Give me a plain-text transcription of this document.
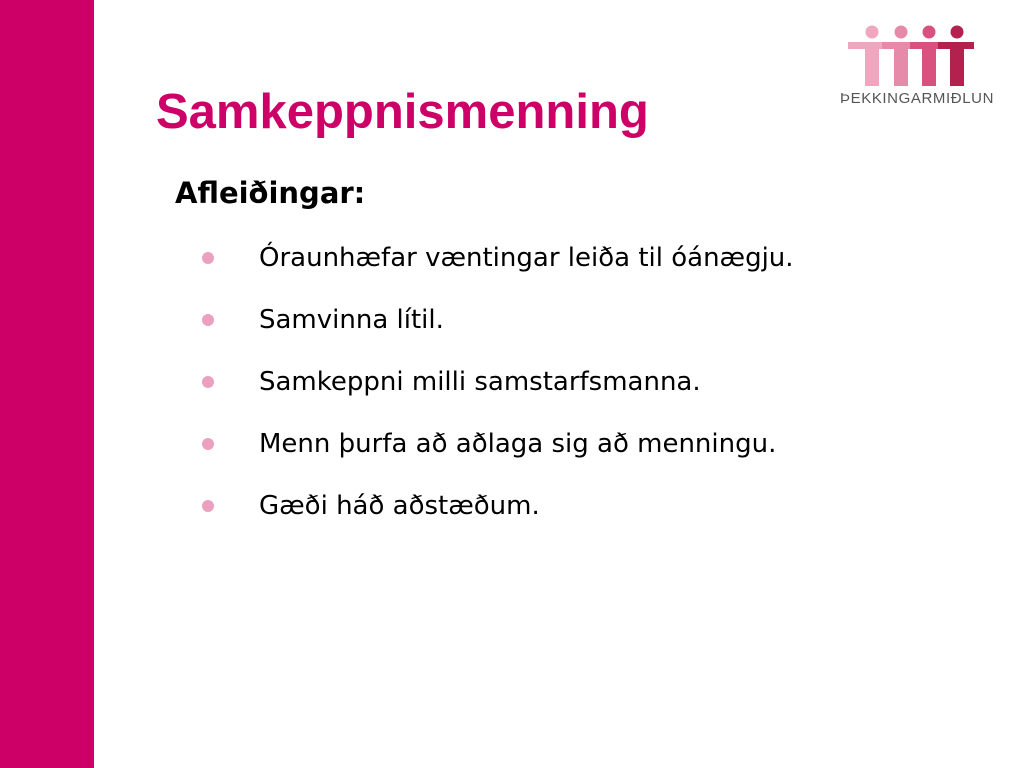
ÞEKKINGARMIÐLUN
Samkeppnismenning
Afleiðingar:
Óraunhæfar væntingar leiða til óánægju.
Samvinna lítil.
Samkeppni milli samstarfsmanna.
Menn þurfa að aðlaga sig að menningu.
Gæði háð aðstæðum.
